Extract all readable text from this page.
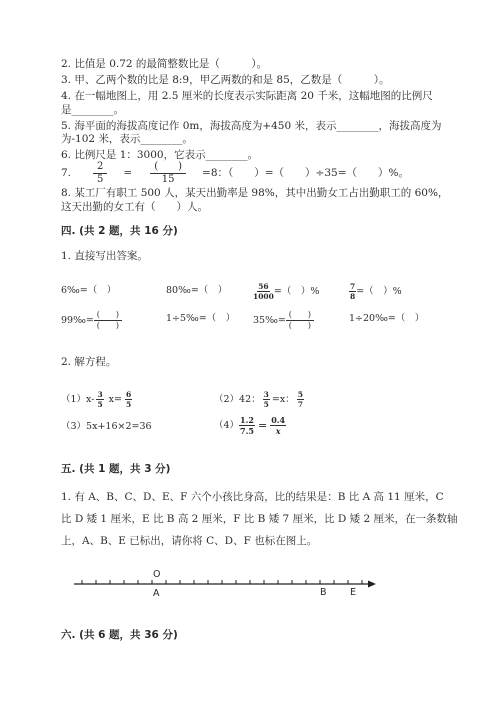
2. 比值是 0.72 的最简整数比是（　　　）。
3. 甲、乙两个数的比是 8:9，甲乙两数的和是 85，乙数是（　　　）。
4. 在一幅地图上，用 2.5 厘米的长度表示实际距离 20 千米，这幅地图的比例尺
是________。
5. 海平面的海拔高度记作 0m，海拔高度为+450 米，表示________，海拔高度为
为-102 米，表示________。
6. 比例尺是 1：3000，它表示________。
7. $\frac{2}{5} = \frac{( )}{15} =8$：（　　）=（　　）÷35=（　　）%。
8. 某工厂有职工 500 人，某天出勤率是 98%，其中出勤女工占出勤职工的 60%，
这天出勤的女工有（　　）人。
四. (共 2 题，共 16 分)
1. 直接写出答案。
6‰=（　）	80‰=（　）	$\frac{56}{1000}$ =（　）%	$\frac{7}{8}$ =（　）%
99‰= $\frac{( )}{( )}$	1÷5‰=（　） 35‰= $\frac{( )}{( )}$	1÷20‰=（　）
2. 解方程。
$(1)x- \frac{3}{5} x= \frac{6}{5}$	（2）42： $\frac{3}{5} =x$： $\frac{5}{7}$
（3）5x+16×2=36	$(4) \frac{1.2}{7.5} = \frac{0.4}{x}$
五. (共 1 题，共 3 分)
1. 有 A、B、C、D、E、F 六个小孩比身高，比的结果是：B 比 A 高 11 厘米，C
比 D 矮 1 厘米，E 比 B 高 2 厘米，F 比 B 矮 7 厘米，比 D 矮 2 厘米，在一条数轴
上，A、B、E 已标出，请你将 C、D、F 也标在图上。
O
A	B E
六. (共 6 题，共 36 分)
